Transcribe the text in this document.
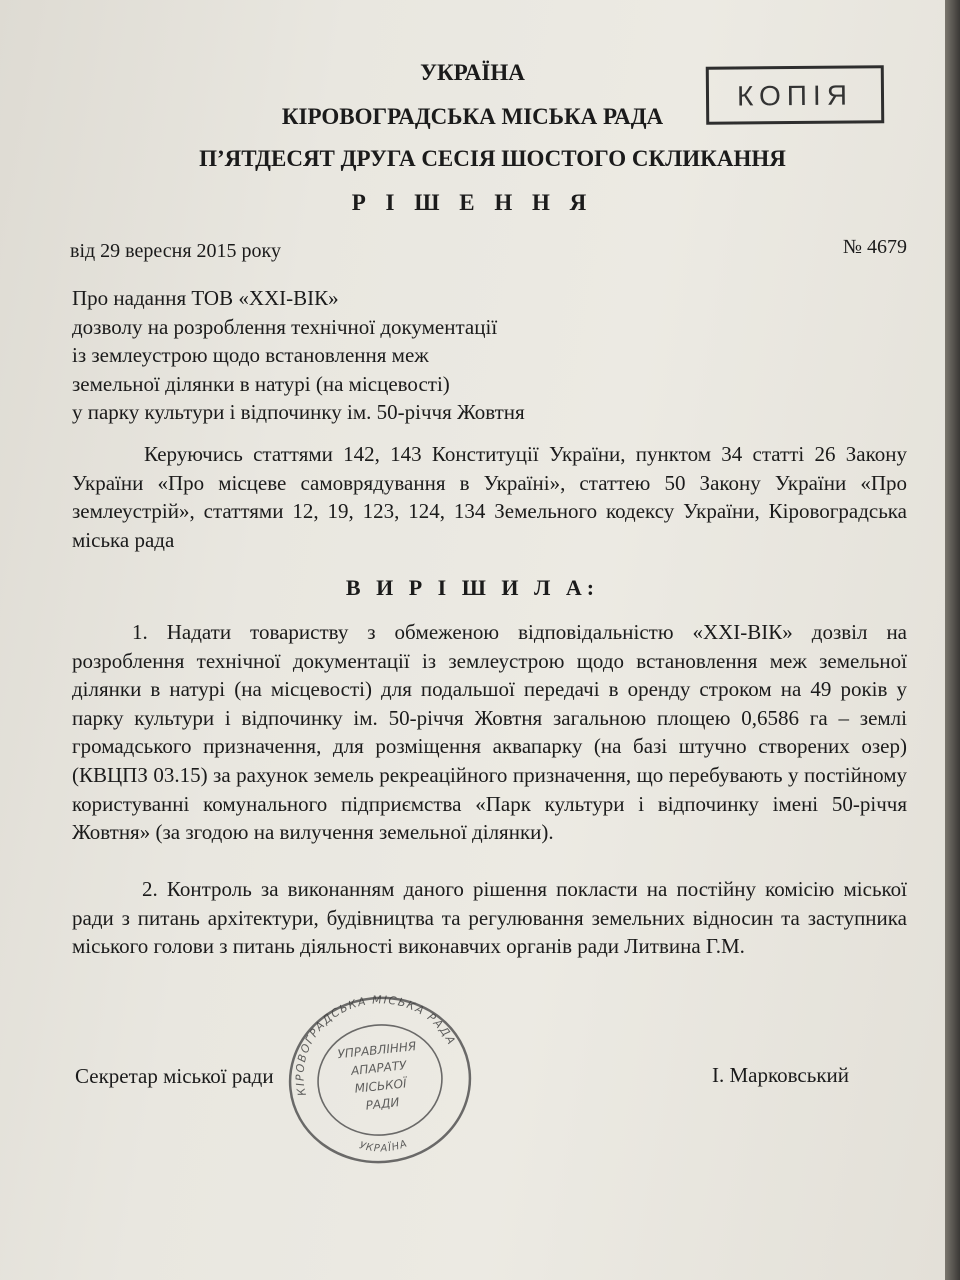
УКРАЇНА
КІРОВОГРАДСЬКА МІСЬКА РАДА
КОПІЯ
П’ЯТДЕСЯТ ДРУГА СЕСІЯ ШОСТОГО СКЛИКАННЯ
Р І Ш Е Н Н Я
від 29 вересня 2015 року	№ 4679
Про надання ТОВ «XXI-ВІК»
дозволу на розроблення технічної документації
із землеустрою щодо встановлення меж
земельної ділянки в натурі (на місцевості)
у парку культури і відпочинку ім. 50-річчя Жовтня
Керуючись статтями 142, 143 Конституції України, пунктом 34 статті 26 Закону України «Про місцеве самоврядування в Україні», статтею 50 Закону України «Про землеустрій», статтями 12, 19, 123, 124, 134 Земельного кодексу України, Кіровоградська міська рада
В И Р І Ш И Л А:
1. Надати товариству з обмеженою відповідальністю «XXI-ВІК» дозвіл на розроблення технічної документації із землеустрою щодо встановлення меж земельної ділянки в натурі (на місцевості) для подальшої передачі в оренду строком на 49 років у парку культури і відпочинку ім. 50-річчя Жовтня загальною площею 0,6586 га – землі громадського призначення, для розміщення аквапарку (на базі штучно створених озер) (КВЦПЗ 03.15) за рахунок земель рекреаційного призначення, що перебувають у постійному користуванні комунального підприємства «Парк культури і відпочинку імені 50-річчя Жовтня» (за згодою на вилучення земельної ділянки).
2. Контроль за виконанням даного рішення покласти на постійну комісію міської ради з питань архітектури, будівництва та регулювання земельних відносин та заступника міського голови з питань діяльності виконавчих органів ради Литвина Г.М.
КІРОВОГРАДСЬКА МІСЬКА РАДА
УКРАЇНА
УПРАВЛІННЯ
АПАРАТУ
МІСЬКОЇ
РАДИ
Секретар міської ради	І. Марковський
